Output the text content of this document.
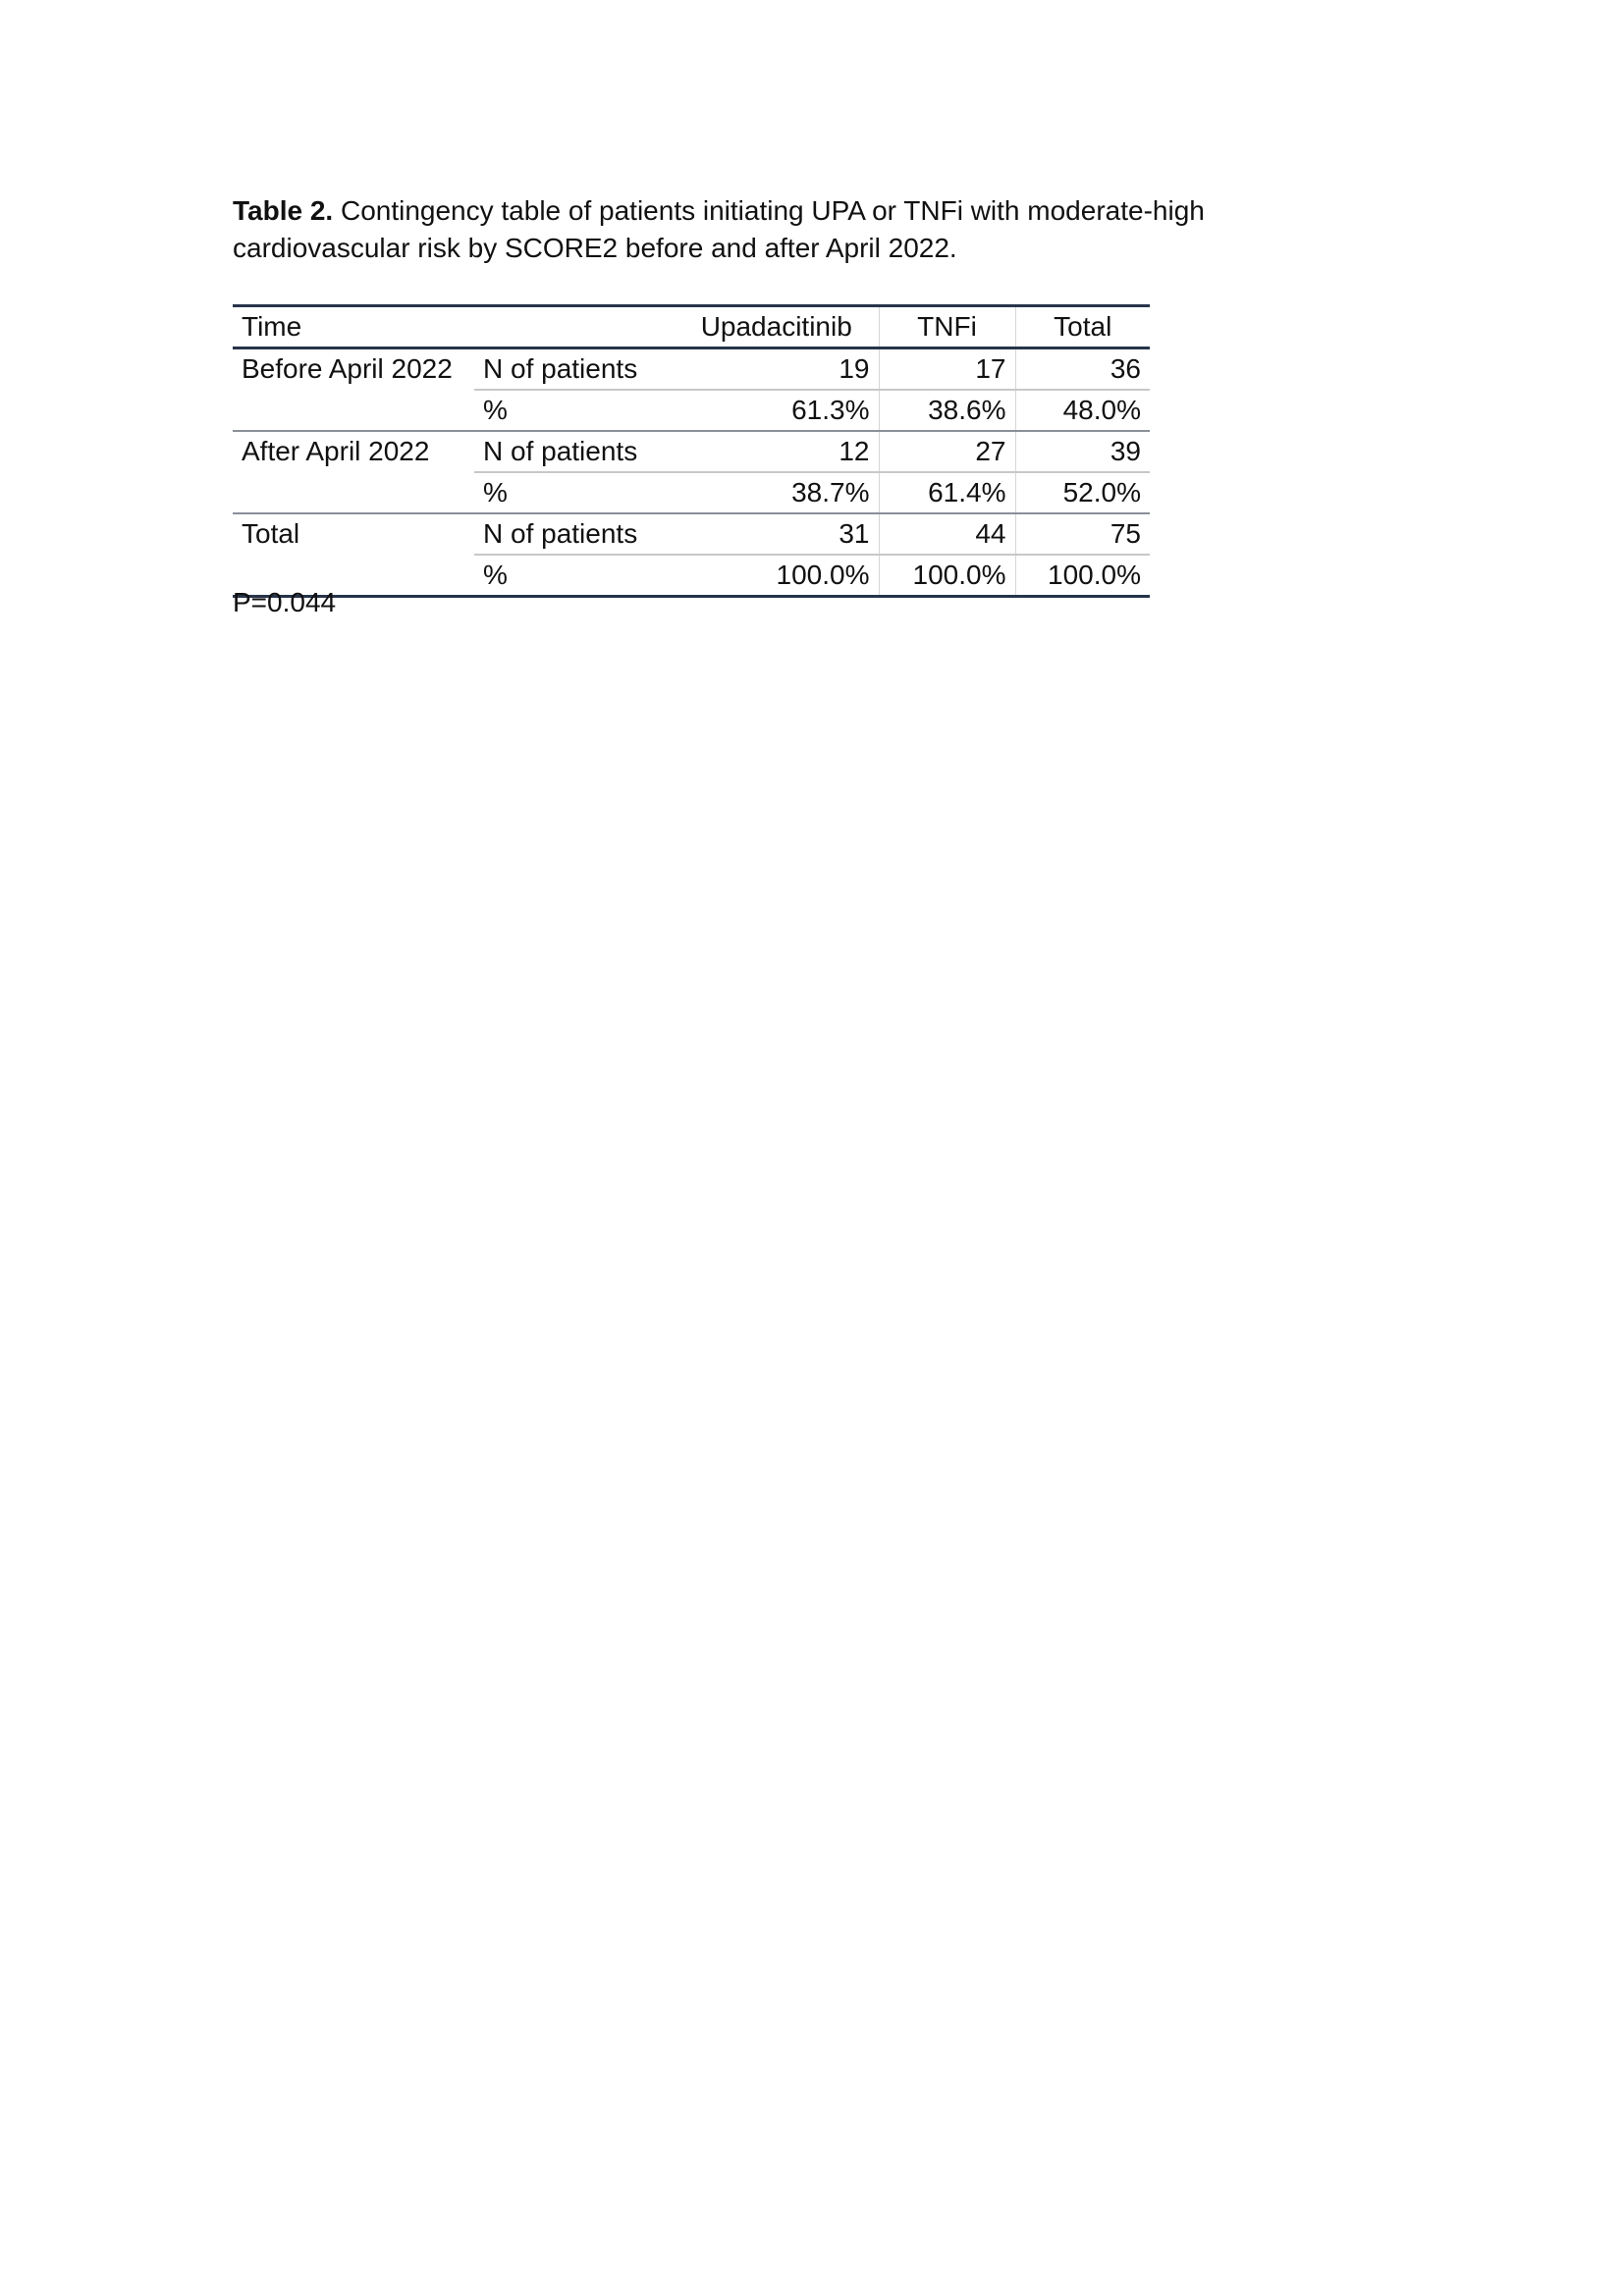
Table 2. Contingency table of patients initiating UPA or TNFi with moderate-high cardiovascular risk by SCORE2 before and after April 2022.
Time		Upadacitinib	TNFi	Total
Before April 2022	N of patients	19	17	36
	%	61.3%	38.6%	48.0%
After April 2022	N of patients	12	27	39
	%	38.7%	61.4%	52.0%
Total	N of patients	31	44	75
	%	100.0%	100.0%	100.0%
P=0.044
